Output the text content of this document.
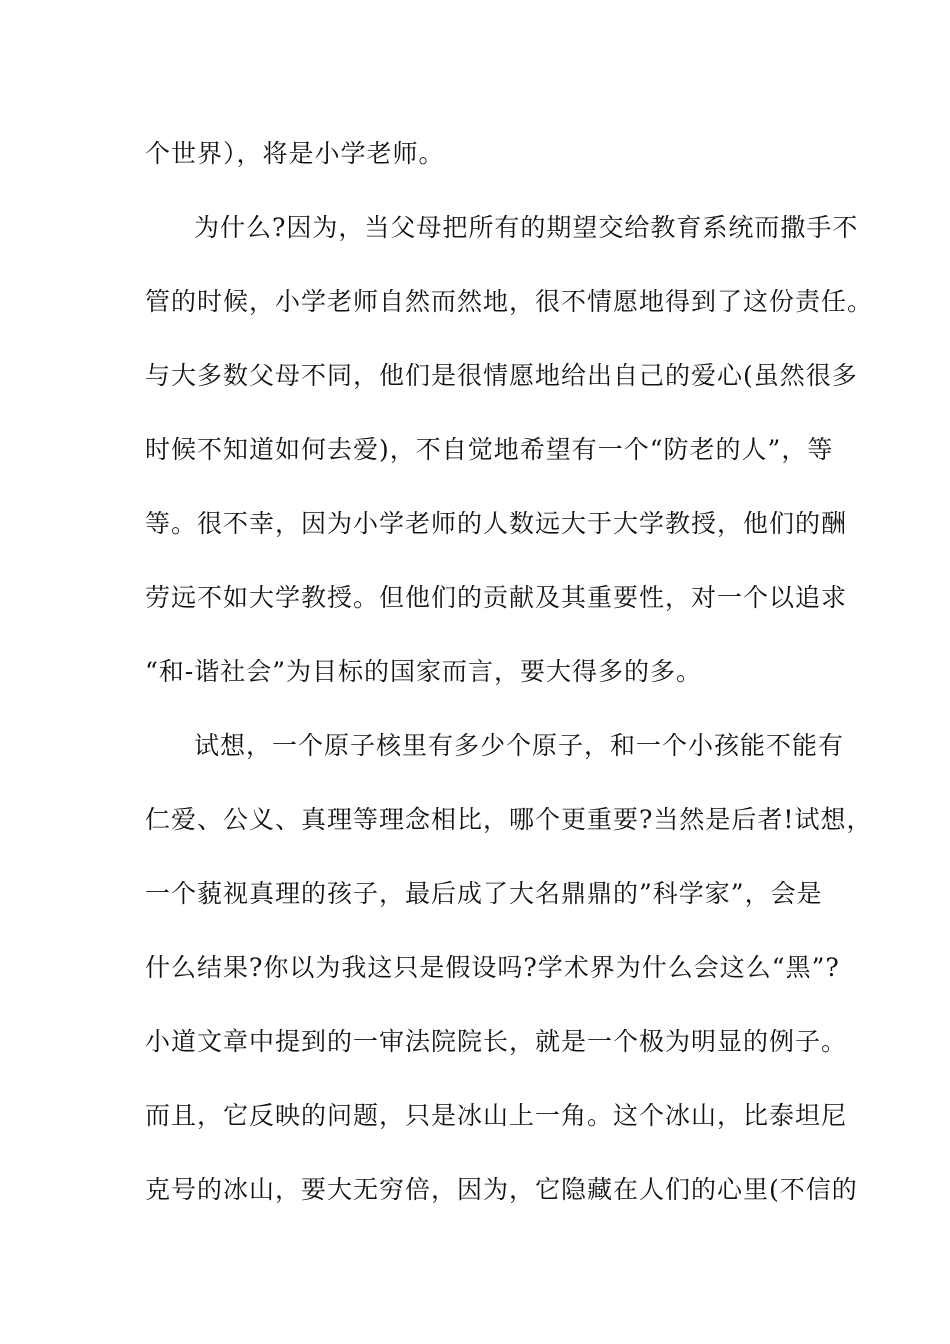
个世界），将是小学老师。
为什么?因为，当父母把所有的期望交给教育系统而撒手不
管的时候，小学老师自然而然地，很不情愿地得到了这份责任。
与大多数父母不同，他们是很情愿地给出自己的爱心(虽然很多
时候不知道如何去爱)，不自觉地希望有一个“防老的人”，等
等。很不幸，因为小学老师的人数远大于大学教授，他们的酬
劳远不如大学教授。但他们的贡献及其重要性，对一个以追求
“和-谐社会”为目标的国家而言，要大得多的多。
试想，一个原子核里有多少个原子，和一个小孩能不能有
仁爱、公义、真理等理念相比，哪个更重要?当然是后者!试想，
一个藐视真理的孩子，最后成了大名鼎鼎的”科学家”，会是
什么结果?你以为我这只是假设吗?学术界为什么会这么“黑”?
小道文章中提到的一审法院院长，就是一个极为明显的例子。
而且，它反映的问题，只是冰山上一角。这个冰山，比泰坦尼
克号的冰山，要大无穷倍，因为，它隐藏在人们的心里(不信的
